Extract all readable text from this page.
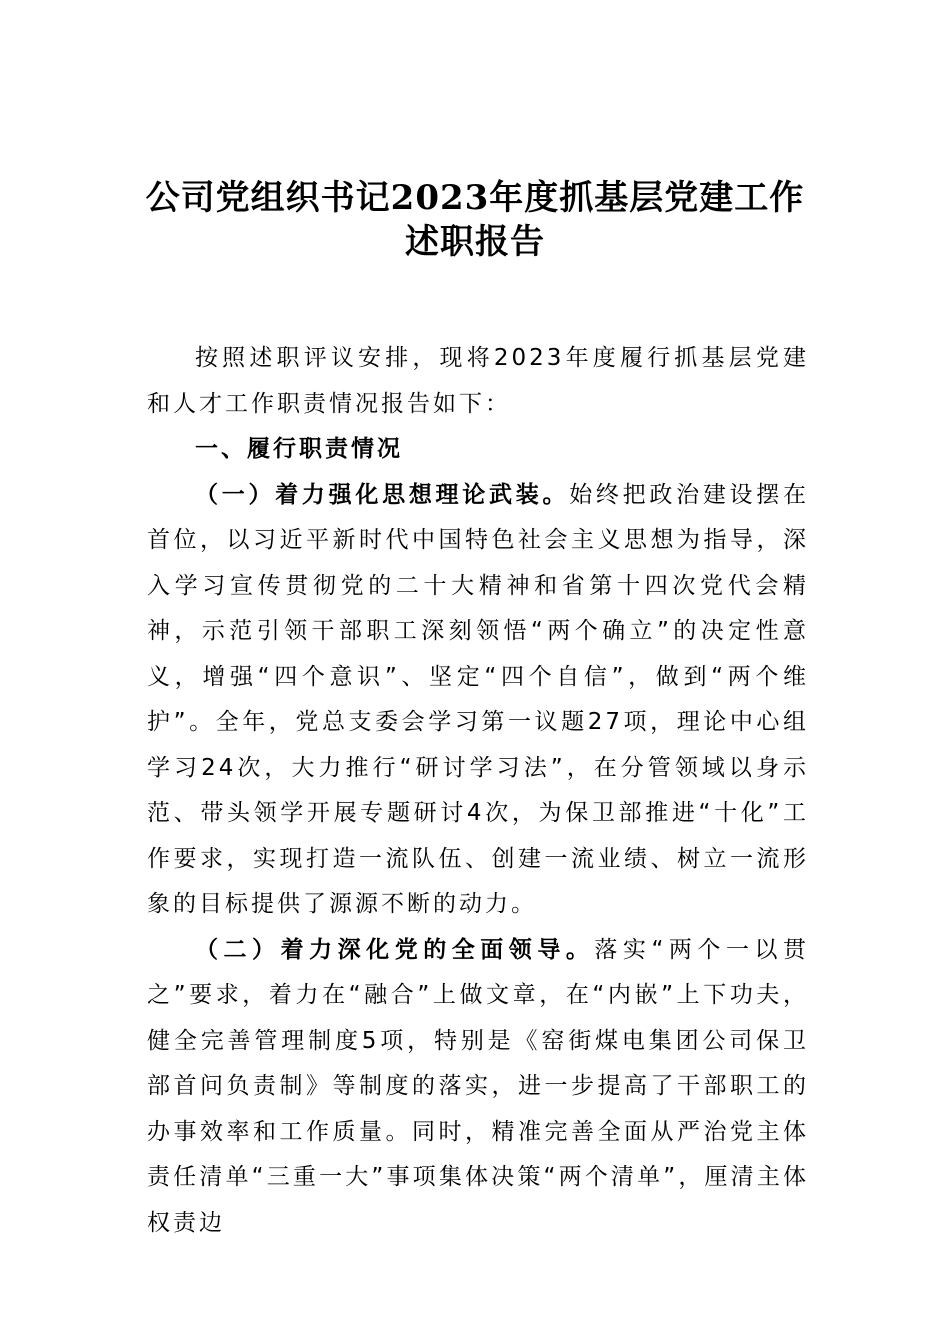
公司党组织书记2023年度抓基层党建工作
述职报告

按照述职评议安排，现将2023年度履行抓基层党建和人才工作职责情况报告如下：

一、履行职责情况

（一）着力强化思想理论武装。始终把政治建设摆在首位，以习近平新时代中国特色社会主义思想为指导，深入学习宣传贯彻党的二十大精神和省第十四次党代会精神，示范引领干部职工深刻领悟“两个确立”的决定性意义，增强“四个意识”、坚定“四个自信”，做到“两个维护”。全年，党总支委会学习第一议题27项，理论中心组学习24次，大力推行“研讨学习法”，在分管领域以身示范、带头领学开展专题研讨4次，为保卫部推进“十化”工作要求，实现打造一流队伍、创建一流业绩、树立一流形象的目标提供了源源不断的动力。

（二）着力深化党的全面领导。落实“两个一以贯之”要求，着力在“融合”上做文章，在“内嵌”上下功夫，健全完善管理制度5项，特别是《窑街煤电集团公司保卫部首问负责制》等制度的落实，进一步提高了干部职工的办事效率和工作质量。同时，精准完善全面从严治党主体责任清单“三重一大”事项集体决策“两个清单”，厘清主体权责边
